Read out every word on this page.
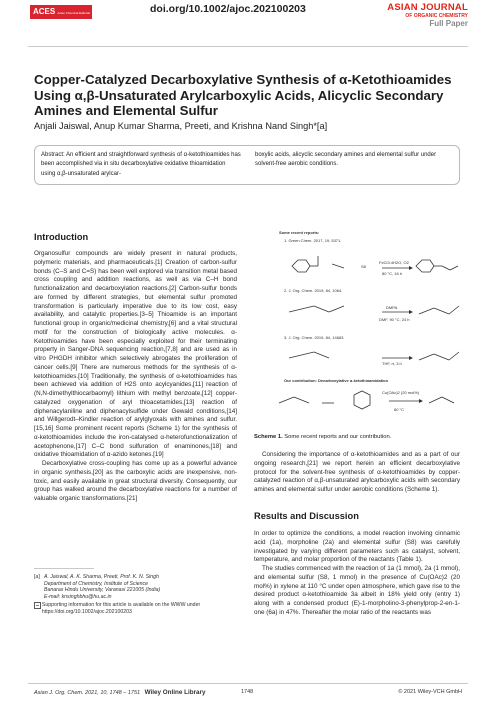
ACES Asian Chemical Editorial Society
doi.org/10.1002/ajoc.202100203	ASIAN JOURNAL
OF ORGANIC CHEMISTRY
Full Paper
Copper-Catalyzed Decarboxylative Synthesis of α-Ketothioamides Using α,β-Unsaturated Arylcarboxylic Acids, Alicyclic Secondary Amines and Elemental Sulfur
Anjali Jaiswal, Anup Kumar Sharma, Preeti, and Krishna Nand Singh*[a]
Abstract: An efficient and straightforward synthesis of α-ketothioamides has been accomplished via in situ decarboxylative oxidative thioamidation using α,β-unsaturated arylcar-
boxylic acids, alicyclic secondary amines and elemental sulfur under solvent-free aerobic conditions.
Introduction

Organosulfur compounds are widely present in natural products, polymeric materials, and pharmaceuticals.[1] Creation of carbon-sulfur bonds (C–S and C=S) has been well explored via transition metal based cross coupling and addition reactions, as well as via C–H bond functionalization and decarboxylation reactions.[2] Carbon-sulfur bonds are formed by different strategies, but elemental sulfur promoted transformation is particularly imperative due to its low cost, easy availability, and catalytic properties.[3–5] Thioamide is an important functional group in organic/medicinal chemistry,[6] and a vital structural motif for the construction of biologically active molecules. α-Ketothioamides have been especially exploited for their terminating property in Sanger-DNA sequencing reaction,[7,8] and are used as in vitro PHGDH inhibitor which selectively abrogates the proliferation of cancer cells.[9] There are numerous methods for the synthesis of α-ketothioamides.[10] Traditionally, the synthesis of α-ketothioamides has been achieved via addition of H2S onto acylcyanides,[11] reaction of (N,N-dimethylthiocarbaomyl) lithium with methyl benzoate,[12] copper-catalyzed oxygenation of aryl thioacetamides,[13] reaction of diphenacylaniline and diphenacylsulfide under Gewald conditions,[14] and Willgerodt–Kindler reaction of arylglyoxals with amines and sulfur.[15,16] Some prominent recent reports (Scheme 1) for the synthesis of α-ketothioamides include the iron-catalysed α-heterofunctionalization of acetophenone,[17] C–C bond sulfuration of enaminones,[18] and oxidative thioamidation of α-azido ketones.[19]

Decarboxylative cross-coupling has come up as a powerful advance in organic synthesis,[20] as the carboxylic acids are inexpensive, non-toxic, and easily available in great structural diversity. Consequently, our group has walked around the decarboxylative reactions for a number of valuable organic transformations.[21]

[a] A. Jaiswal, A. K. Sharma, Preeti, Prof. K. N. Singh
Department of Chemistry, Institute of Science
Banaras Hindu University, Varanasi 221005 (India)
E-mail: knsinghbhu@hu.ac.in
Supporting information for this article is available on the WWW under https://doi.org/10.1002/ajoc.202100203
Some recent reports:
1. Green Chem. 2017, 19, 5371.
2. J. Org. Chem. 2019, 84, 1064.
3. J. Org. Chem. 2019, 84, 14683.
Our contribution: Decarboxylative α-ketothioamidation
FeCl3.4H2O, O2
80 °C, 16 h
S8
DMPA
DMF, 90 °C, 24 h
THF, rt, 3 h
Cu(OAc)2 (20 mol%)
80 °C
Scheme 1. Some recent reports and our contribution.

Considering the importance of α-ketothioamides and as a part of our ongoing research,[21] we report herein an efficient decarboxylative protocol for the solvent-free synthesis of α-ketothioamides by copper-catalyzed reaction of α,β-unsaturated arylcarboxylic acids with secondary amines and elemental sulfur under aerobic conditions (Scheme 1).

Results and Discussion

In order to optimize the conditions, a model reaction involving cinnamic acid (1a), morpholine (2a) and elemental sulfur (S8) was carefully investigated by varying different parameters such as catalyst, solvent, temperature, and molar proportion of the reactants (Table 1).

The studies commenced with the reaction of 1a (1 mmol), 2a (1 mmol), and elemental sulfur (S8, 1 mmol) in the presence of Cu(OAc)2 (20 mol%) in xylene at 110 °C under open atmosphere, which gave rise to the desired product α-ketothioamide 3a albeit in 18% yield only (entry 1) along with a condensed product (E)-1-morpholino-3-phenylprop-2-en-1-one (6a) in 47%. Thereafter the molar ratio of the reactants was

Asian J. Org. Chem. 2021, 10, 1748 – 1751 Wiley Online Library	1748	© 2021 Wiley-VCH GmbH
